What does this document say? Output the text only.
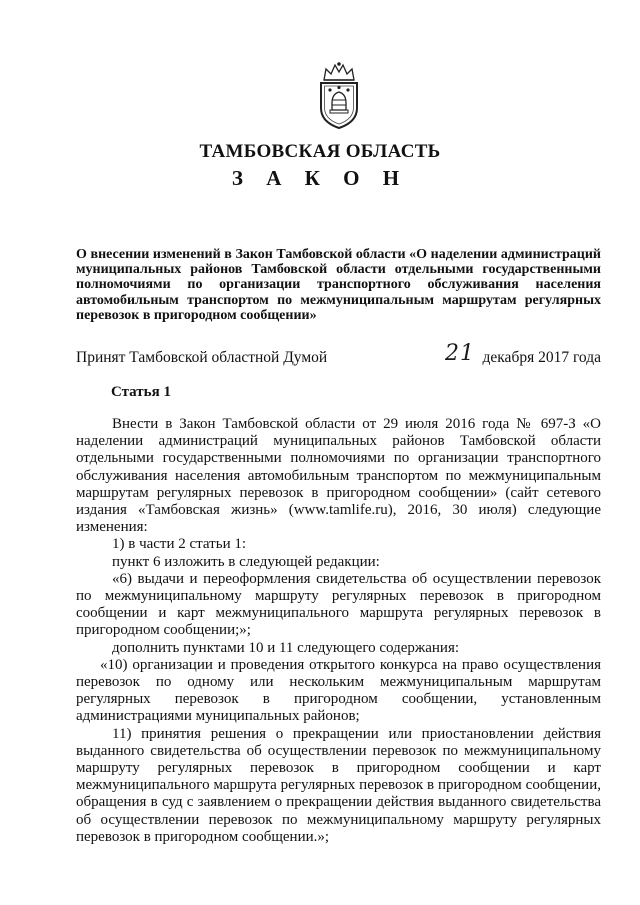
ТАМБОВСКАЯ ОБЛАСТЬ
З А К О Н
О внесении изменений в Закон Тамбовской области «О наделении администраций муниципальных районов Тамбовской области отдельными государственными полномочиями по организации транспортного обслуживания населения автомобильным транспортом по межмуниципальным маршрутам регулярных перевозок в пригородном сообщении»
Принят Тамбовской областной Думой	21 декабря 2017 года
Статья 1

Внести в Закон Тамбовской области от 29 июля 2016 года № 697-З «О наделении администраций муниципальных районов Тамбовской области отдельными государственными полномочиями по организации транспортного обслуживания населения автомобильным транспортом по межмуниципальным маршрутам регулярных перевозок в пригородном сообщении» (сайт сетевого издания «Тамбовская жизнь» (www.tamlife.ru), 2016, 30 июля) следующие изменения:

1) в части 2 статьи 1:

пункт 6 изложить в следующей редакции:

«6) выдачи и переоформления свидетельства об осуществлении перевозок по межмуниципальному маршруту регулярных перевозок в пригородном сообщении и карт межмуниципального маршрута регулярных перевозок в пригородном сообщении;»;

дополнить пунктами 10 и 11 следующего содержания:

«10) организации и проведения открытого конкурса на право осуществления перевозок по одному или нескольким межмуниципальным маршрутам регулярных перевозок в пригородном сообщении, установленным администрациями муниципальных районов;

11) принятия решения о прекращении или приостановлении действия выданного свидетельства об осуществлении перевозок по межмуниципальному маршруту регулярных перевозок в пригородном сообщении и карт межмуниципального маршрута регулярных перевозок в пригородном сообщении, обращения в суд с заявлением о прекращении действия выданного свидетельства об осуществлении перевозок по межмуниципальному маршруту регулярных перевозок в пригородном сообщении.»;
